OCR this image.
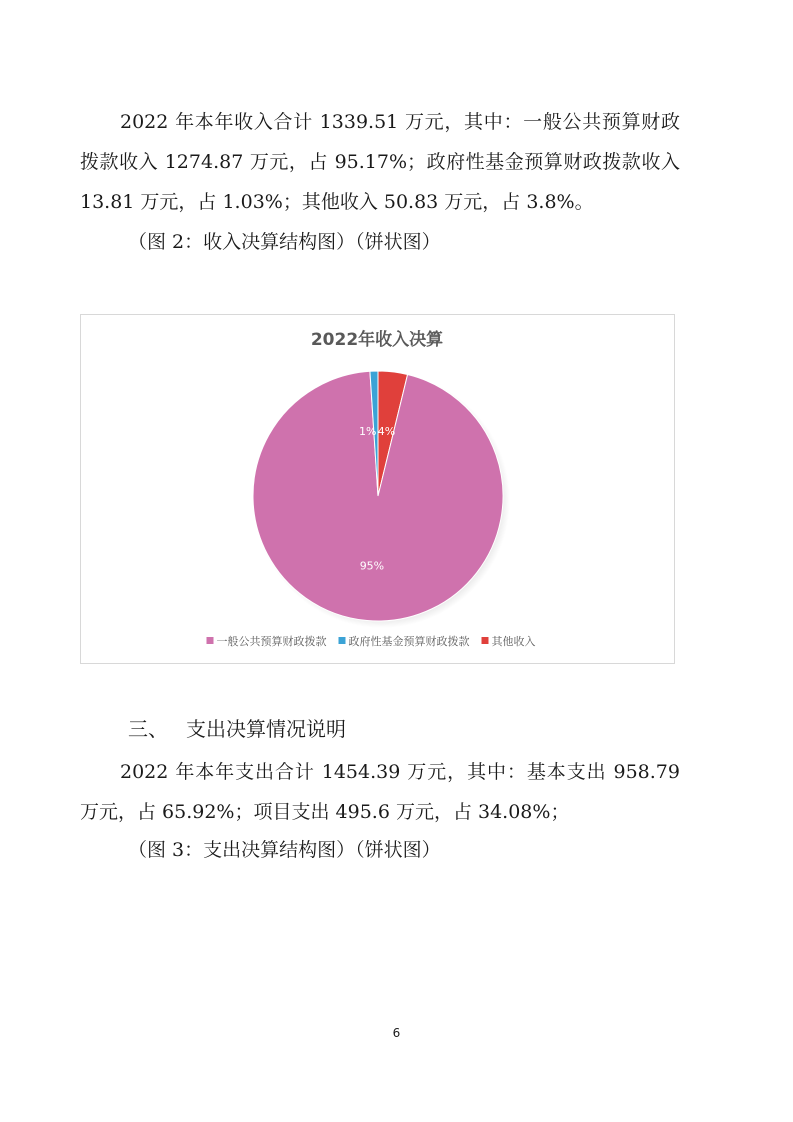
2022 年本年收入合计 1339.51 万元，其中：一般公共预算财政拨款收入 1274.87 万元，占 95.17%；政府性基金预算财政拨款收入 13.81 万元，占 1.03%；其他收入 50.83 万元，占 3.8%。

（图 2：收入决算结构图）（饼状图）

2022年收入决算
4%
95%
1%
一般公共预算财政拨款 政府性基金预算财政拨款 其他收入

三、 支出决算情况说明

2022 年本年支出合计 1454.39 万元，其中：基本支出 958.79 万元，占 65.92%；项目支出 495.6 万元，占 34.08%；

（图 3：支出决算结构图）（饼状图）

6
